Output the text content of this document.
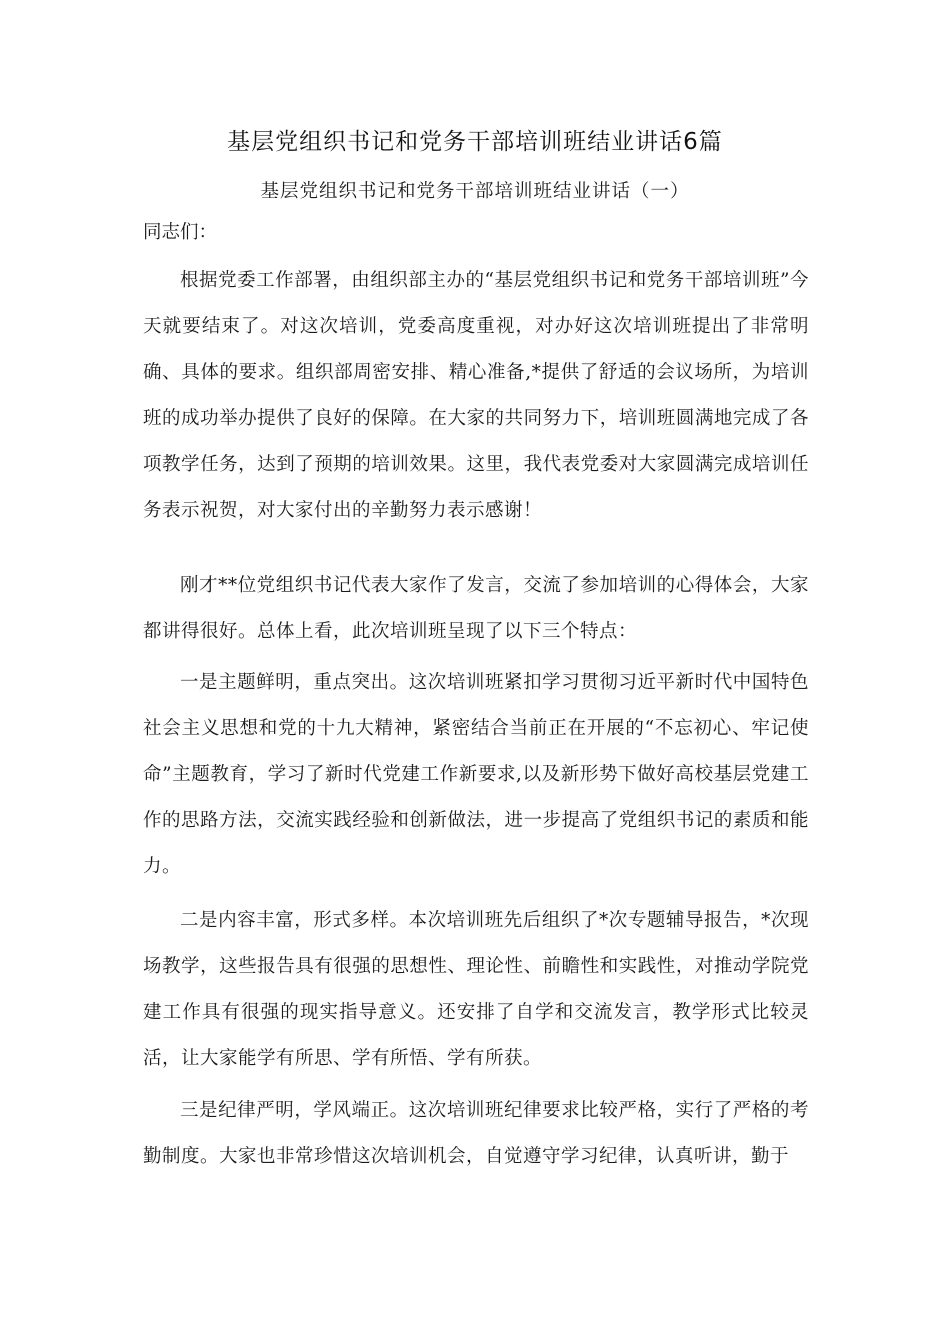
基层党组织书记和党务干部培训班结业讲话6篇
基层党组织书记和党务干部培训班结业讲话（一）
同志们：

根据党委工作部署，由组织部主办的“基层党组织书记和党务干部培训班”今天就要结束了。对这次培训，党委高度重视，对办好这次培训班提出了非常明确、具体的要求。组织部周密安排、精心准备,*提供了舒适的会议场所，为培训班的成功举办提供了良好的保障。在大家的共同努力下，培训班圆满地完成了各项教学任务，达到了预期的培训效果。这里，我代表党委对大家圆满完成培训任务表示祝贺，对大家付出的辛勤努力表示感谢！

刚才**位党组织书记代表大家作了发言，交流了参加培训的心得体会，大家都讲得很好。总体上看，此次培训班呈现了以下三个特点：

一是主题鲜明，重点突出。这次培训班紧扣学习贯彻习近平新时代中国特色社会主义思想和党的十九大精神，紧密结合当前正在开展的“不忘初心、牢记使命”主题教育，学习了新时代党建工作新要求,以及新形势下做好高校基层党建工作的思路方法，交流实践经验和创新做法，进一步提高了党组织书记的素质和能力。

二是内容丰富，形式多样。本次培训班先后组织了*次专题辅导报告，*次现场教学，这些报告具有很强的思想性、理论性、前瞻性和实践性，对推动学院党建工作具有很强的现实指导意义。还安排了自学和交流发言，教学形式比较灵活，让大家能学有所思、学有所悟、学有所获。

三是纪律严明，学风端正。这次培训班纪律要求比较严格，实行了严格的考勤制度。大家也非常珍惜这次培训机会，自觉遵守学习纪律，认真听讲，勤于
